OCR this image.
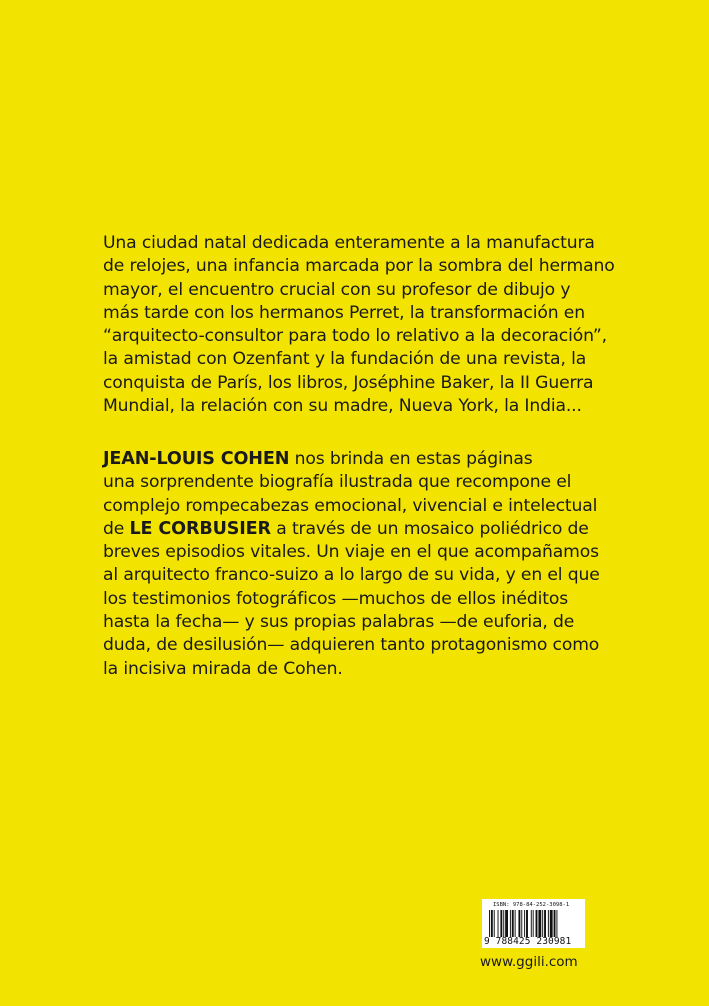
Una ciudad natal dedicada enteramente a la manufactura
de relojes, una infancia marcada por la sombra del hermano
mayor, el encuentro crucial con su profesor de dibujo y
más tarde con los hermanos Perret, la transformación en
“arquitecto-consultor para todo lo relativo a la decoración”,
la amistad con Ozenfant y la fundación de una revista, la
conquista de París, los libros, Joséphine Baker, la II Guerra
Mundial, la relación con su madre, Nueva York, la India...
JEAN-LOUIS COHEN nos brinda en estas páginas
una sorprendente biografía ilustrada que recompone el
complejo rompecabezas emocional, vivencial e intelectual
de LE CORBUSIER a través de un mosaico poliédrico de
breves episodios vitales. Un viaje en el que acompañamos
al arquitecto franco-suizo a lo largo de su vida, y en el que
los testimonios fotográficos —muchos de ellos inéditos
hasta la fecha— y sus propias palabras —de euforia, de
duda, de desilusión— adquieren tanto protagonismo como
la incisiva mirada de Cohen.
ISBN: 978-84-252-3098-1
9 788425 230981
www.ggili.com
